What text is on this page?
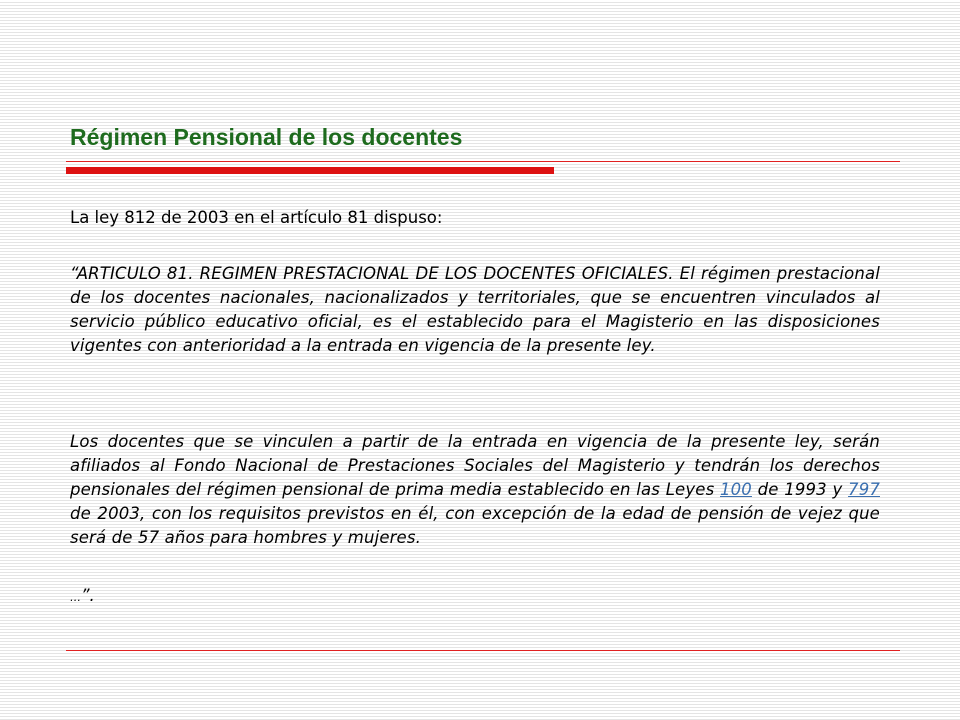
Régimen Pensional de los docentes

La ley 812 de 2003 en el artículo 81 dispuso:

“ARTICULO 81. REGIMEN PRESTACIONAL DE LOS DOCENTES OFICIALES. El régimen prestacional de los docentes nacionales, nacionalizados y territoriales, que se encuentren vinculados al servicio público educativo oficial, es el establecido para el Magisterio en las disposiciones vigentes con anterioridad a la entrada en vigencia de la presente ley.

Los docentes que se vinculen a partir de la entrada en vigencia de la presente ley, serán afiliados al Fondo Nacional de Prestaciones Sociales del Magisterio y tendrán los derechos pensionales del régimen pensional de prima media establecido en las Leyes 100 de 1993 y 797 de 2003, con los requisitos previstos en él, con excepción de la edad de pensión de vejez que será de 57 años para hombres y mujeres.

…”.
